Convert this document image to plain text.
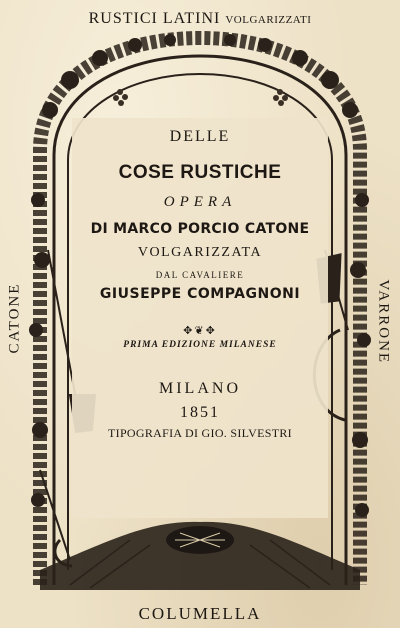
RUSTICI LATINI VOLGARIZZATI
CATONE	VARRONE
DELLE
COSE RUSTICHE
OPERA
DI MARCO PORCIO CATONE
VOLGARIZZATA
DAL CAVALIERE
GIUSEPPE COMPAGNONI
✥❦✥
PRIMA EDIZIONE MILANESE
MILANO
1851
TIPOGRAFIA DI GIO. SILVESTRI
COLUMELLA
